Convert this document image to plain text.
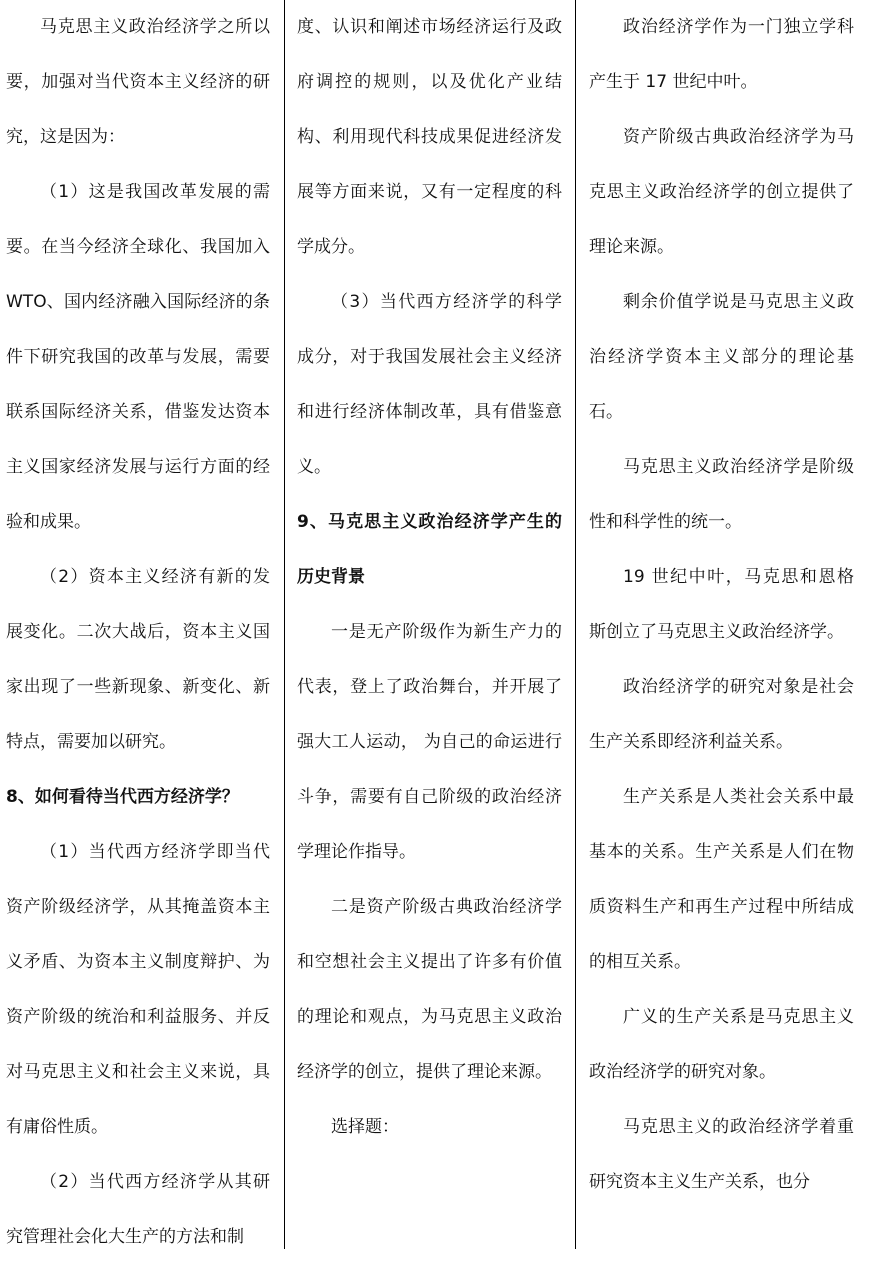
马克思主义政治经济学之所以要，加强对当代资本主义经济的研究，这是因为：

（1）这是我国改革发展的需要。在当今经济全球化、我国加入 WTO、国内经济融入国际经济的条件下研究我国的改革与发展，需要联系国际经济关系，借鉴发达资本主义国家经济发展与运行方面的经验和成果。

（2）资本主义经济有新的发展变化。二次大战后，资本主义国家出现了一些新现象、新变化、新特点，需要加以研究。

8、如何看待当代西方经济学？

（1）当代西方经济学即当代资产阶级经济学，从其掩盖资本主义矛盾、为资本主义制度辩护、为资产阶级的统治和利益服务、并反对马克思主义和社会主义来说，具有庸俗性质。

（2）当代西方经济学从其研究管理社会化大生产的方法和制

度、认识和阐述市场经济运行及政府调控的规则，以及优化产业结构、利用现代科技成果促进经济发展等方面来说，又有一定程度的科学成分。

（3）当代西方经济学的科学成分，对于我国发展社会主义经济和进行经济体制改革，具有借鉴意义。

9、马克思主义政治经济学产生的历史背景

一是无产阶级作为新生产力的代表，登上了政治舞台，并开展了强大工人运动， 为自己的命运进行斗争，需要有自己阶级的政治经济学理论作指导。

二是资产阶级古典政治经济学和空想社会主义提出了许多有价值的理论和观点，为马克思主义政治经济学的创立，提供了理论来源。

选择题：

政治经济学作为一门独立学科产生于 17 世纪中叶。

资产阶级古典政治经济学为马克思主义政治经济学的创立提供了理论来源。

剩余价值学说是马克思主义政治经济学资本主义部分的理论基石。

马克思主义政治经济学是阶级性和科学性的统一。

19 世纪中叶，马克思和恩格斯创立了马克思主义政治经济学。

政治经济学的研究对象是社会生产关系即经济利益关系。

生产关系是人类社会关系中最基本的关系。生产关系是人们在物质资料生产和再生产过程中所结成的相互关系。

广义的生产关系是马克思主义政治经济学的研究对象。

马克思主义的政治经济学着重研究资本主义生产关系，也分
